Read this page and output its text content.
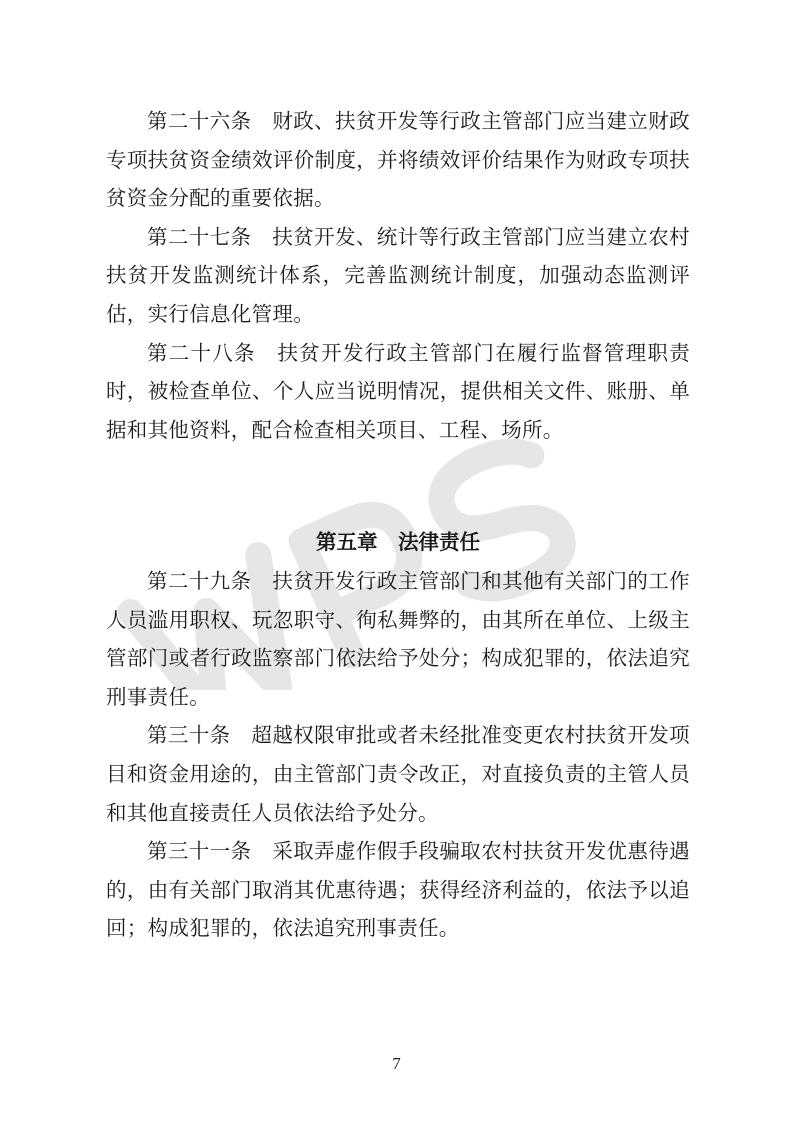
第二十六条　财政、扶贫开发等行政主管部门应当建立财政专项扶贫资金绩效评价制度，并将绩效评价结果作为财政专项扶贫资金分配的重要依据。

第二十七条　扶贫开发、统计等行政主管部门应当建立农村扶贫开发监测统计体系，完善监测统计制度，加强动态监测评估，实行信息化管理。

第二十八条　扶贫开发行政主管部门在履行监督管理职责时，被检查单位、个人应当说明情况，提供相关文件、账册、单据和其他资料，配合检查相关项目、工程、场所。

第五章　法律责任

第二十九条　扶贫开发行政主管部门和其他有关部门的工作人员滥用职权、玩忽职守、徇私舞弊的，由其所在单位、上级主管部门或者行政监察部门依法给予处分；构成犯罪的，依法追究刑事责任。

第三十条　超越权限审批或者未经批准变更农村扶贫开发项目和资金用途的，由主管部门责令改正，对直接负责的主管人员和其他直接责任人员依法给予处分。

第三十一条　采取弄虚作假手段骗取农村扶贫开发优惠待遇的，由有关部门取消其优惠待遇；获得经济利益的，依法予以追回；构成犯罪的，依法追究刑事责任。

7
